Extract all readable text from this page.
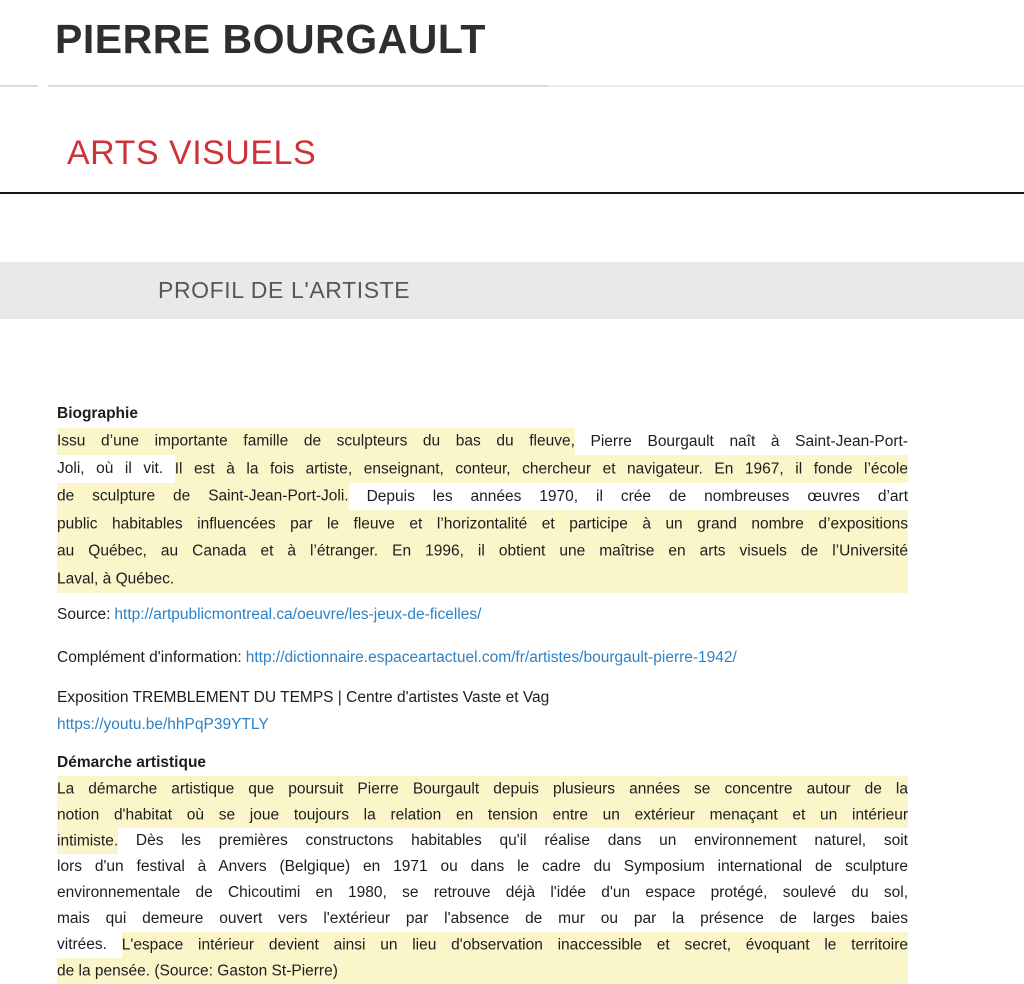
PIERRE BOURGAULT
ARTS VISUELS
PROFIL DE L'ARTISTE
Biographie
Issu d’une importante famille de sculpteurs du bas du fleuve, Pierre Bourgault naît à Saint-Jean-Port-
Joli, où il vit. Il est à la fois artiste, enseignant, conteur, chercheur et navigateur. En 1967, il fonde l’école
de sculpture de Saint-Jean-Port-Joli. Depuis les années 1970, il crée de nombreuses œuvres d’art
public habitables influencées par le fleuve et l’horizontalité et participe à un grand nombre d’expositions
au Québec, au Canada et à l’étranger. En 1996, il obtient une maîtrise en arts visuels de l’Université
Laval, à Québec.
Source: http://artpublicmontreal.ca/oeuvre/les-jeux-de-ficelles/
Complément d'information: http://dictionnaire.espaceartactuel.com/fr/artistes/bourgault-pierre-1942/
Exposition TREMBLEMENT DU TEMPS | Centre d'artistes Vaste et Vag
https://youtu.be/hhPqP39YTLY
Démarche artistique
La démarche artistique que poursuit Pierre Bourgault depuis plusieurs années se concentre autour de la
notion d'habitat où se joue toujours la relation en tension entre un extérieur menaçant et un intérieur
intimiste. Dès les premières constructons habitables qu'il réalise dans un environnement naturel, soit
lors d'un festival à Anvers (Belgique) en 1971 ou dans le cadre du Symposium international de sculpture
environnementale de Chicoutimi en 1980, se retrouve déjà l'idée d'un espace protégé, soulevé du sol,
mais qui demeure ouvert vers l'extérieur par l'absence de mur ou par la présence de larges baies
vitrées. L'espace intérieur devient ainsi un lieu d'observation inaccessible et secret, évoquant le territoire
de la pensée. (Source: Gaston St-Pierre)
